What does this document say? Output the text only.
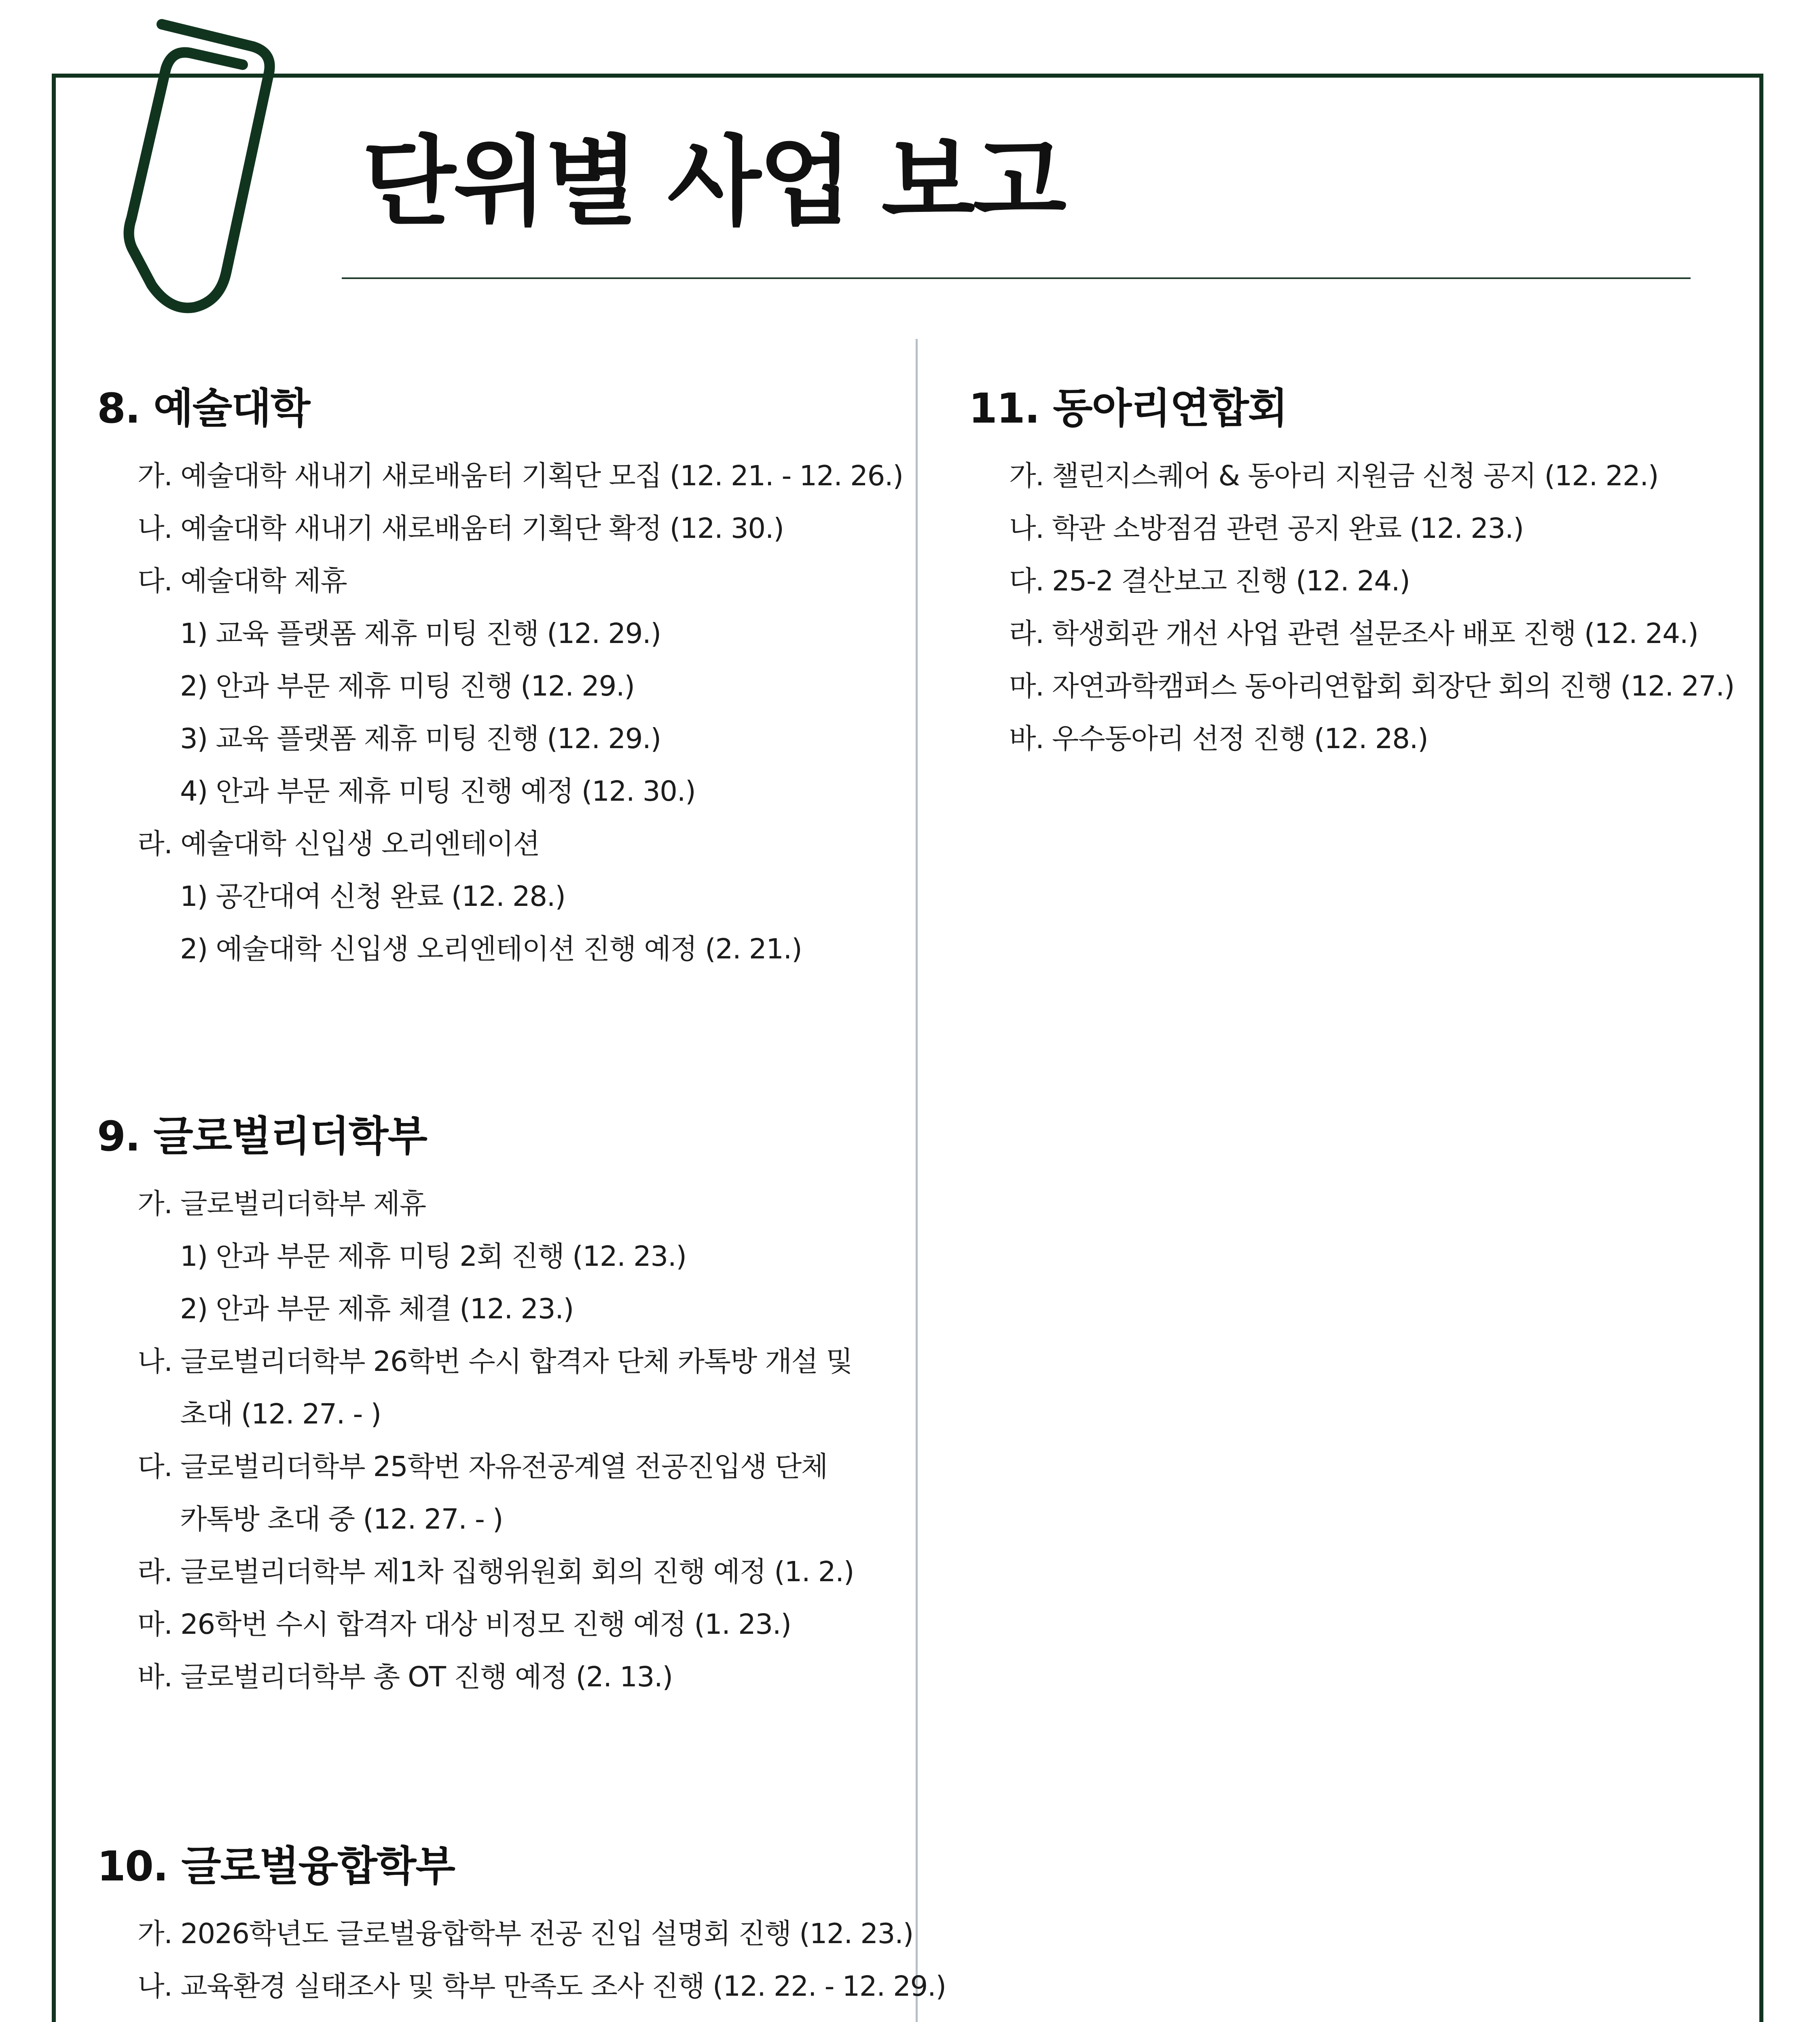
단위별 사업 보고
8. 예술대학
가. 예술대학 새내기 새로배움터 기획단 모집 (12. 21. - 12. 26.)
나. 예술대학 새내기 새로배움터 기획단 확정 (12. 30.)
다. 예술대학 제휴
1) 교육 플랫폼 제휴 미팅 진행 (12. 29.)
2) 안과 부문 제휴 미팅 진행 (12. 29.)
3) 교육 플랫폼 제휴 미팅 진행 (12. 29.)
4) 안과 부문 제휴 미팅 진행 예정 (12. 30.)
라. 예술대학 신입생 오리엔테이션
1) 공간대여 신청 완료 (12. 28.)
2) 예술대학 신입생 오리엔테이션 진행 예정 (2. 21.)
9. 글로벌리더학부
가. 글로벌리더학부 제휴
1) 안과 부문 제휴 미팅 2회 진행 (12. 23.)
2) 안과 부문 제휴 체결 (12. 23.)
나. 글로벌리더학부 26학번 수시 합격자 단체 카톡방 개설 및
초대 (12. 27. - )
다. 글로벌리더학부 25학번 자유전공계열 전공진입생 단체
카톡방 초대 중 (12. 27. - )
라. 글로벌리더학부 제1차 집행위원회 회의 진행 예정 (1. 2.)
마. 26학번 수시 합격자 대상 비정모 진행 예정 (1. 23.)
바. 글로벌리더학부 총 OT 진행 예정 (2. 13.)
10. 글로벌융합학부
가. 2026학년도 글로벌융합학부 전공 진입 설명회 진행 (12. 23.)
나. 교육환경 실태조사 및 학부 만족도 조사 진행 (12. 22. - 12. 29.)
11. 동아리연합회
가. 챌린지스퀘어 & 동아리 지원금 신청 공지 (12. 22.)
나. 학관 소방점검 관련 공지 완료 (12. 23.)
다. 25-2 결산보고 진행 (12. 24.)
라. 학생회관 개선 사업 관련 설문조사 배포 진행 (12. 24.)
마. 자연과학캠퍼스 동아리연합회 회장단 회의 진행 (12. 27.)
바. 우수동아리 선정 진행 (12. 28.)
